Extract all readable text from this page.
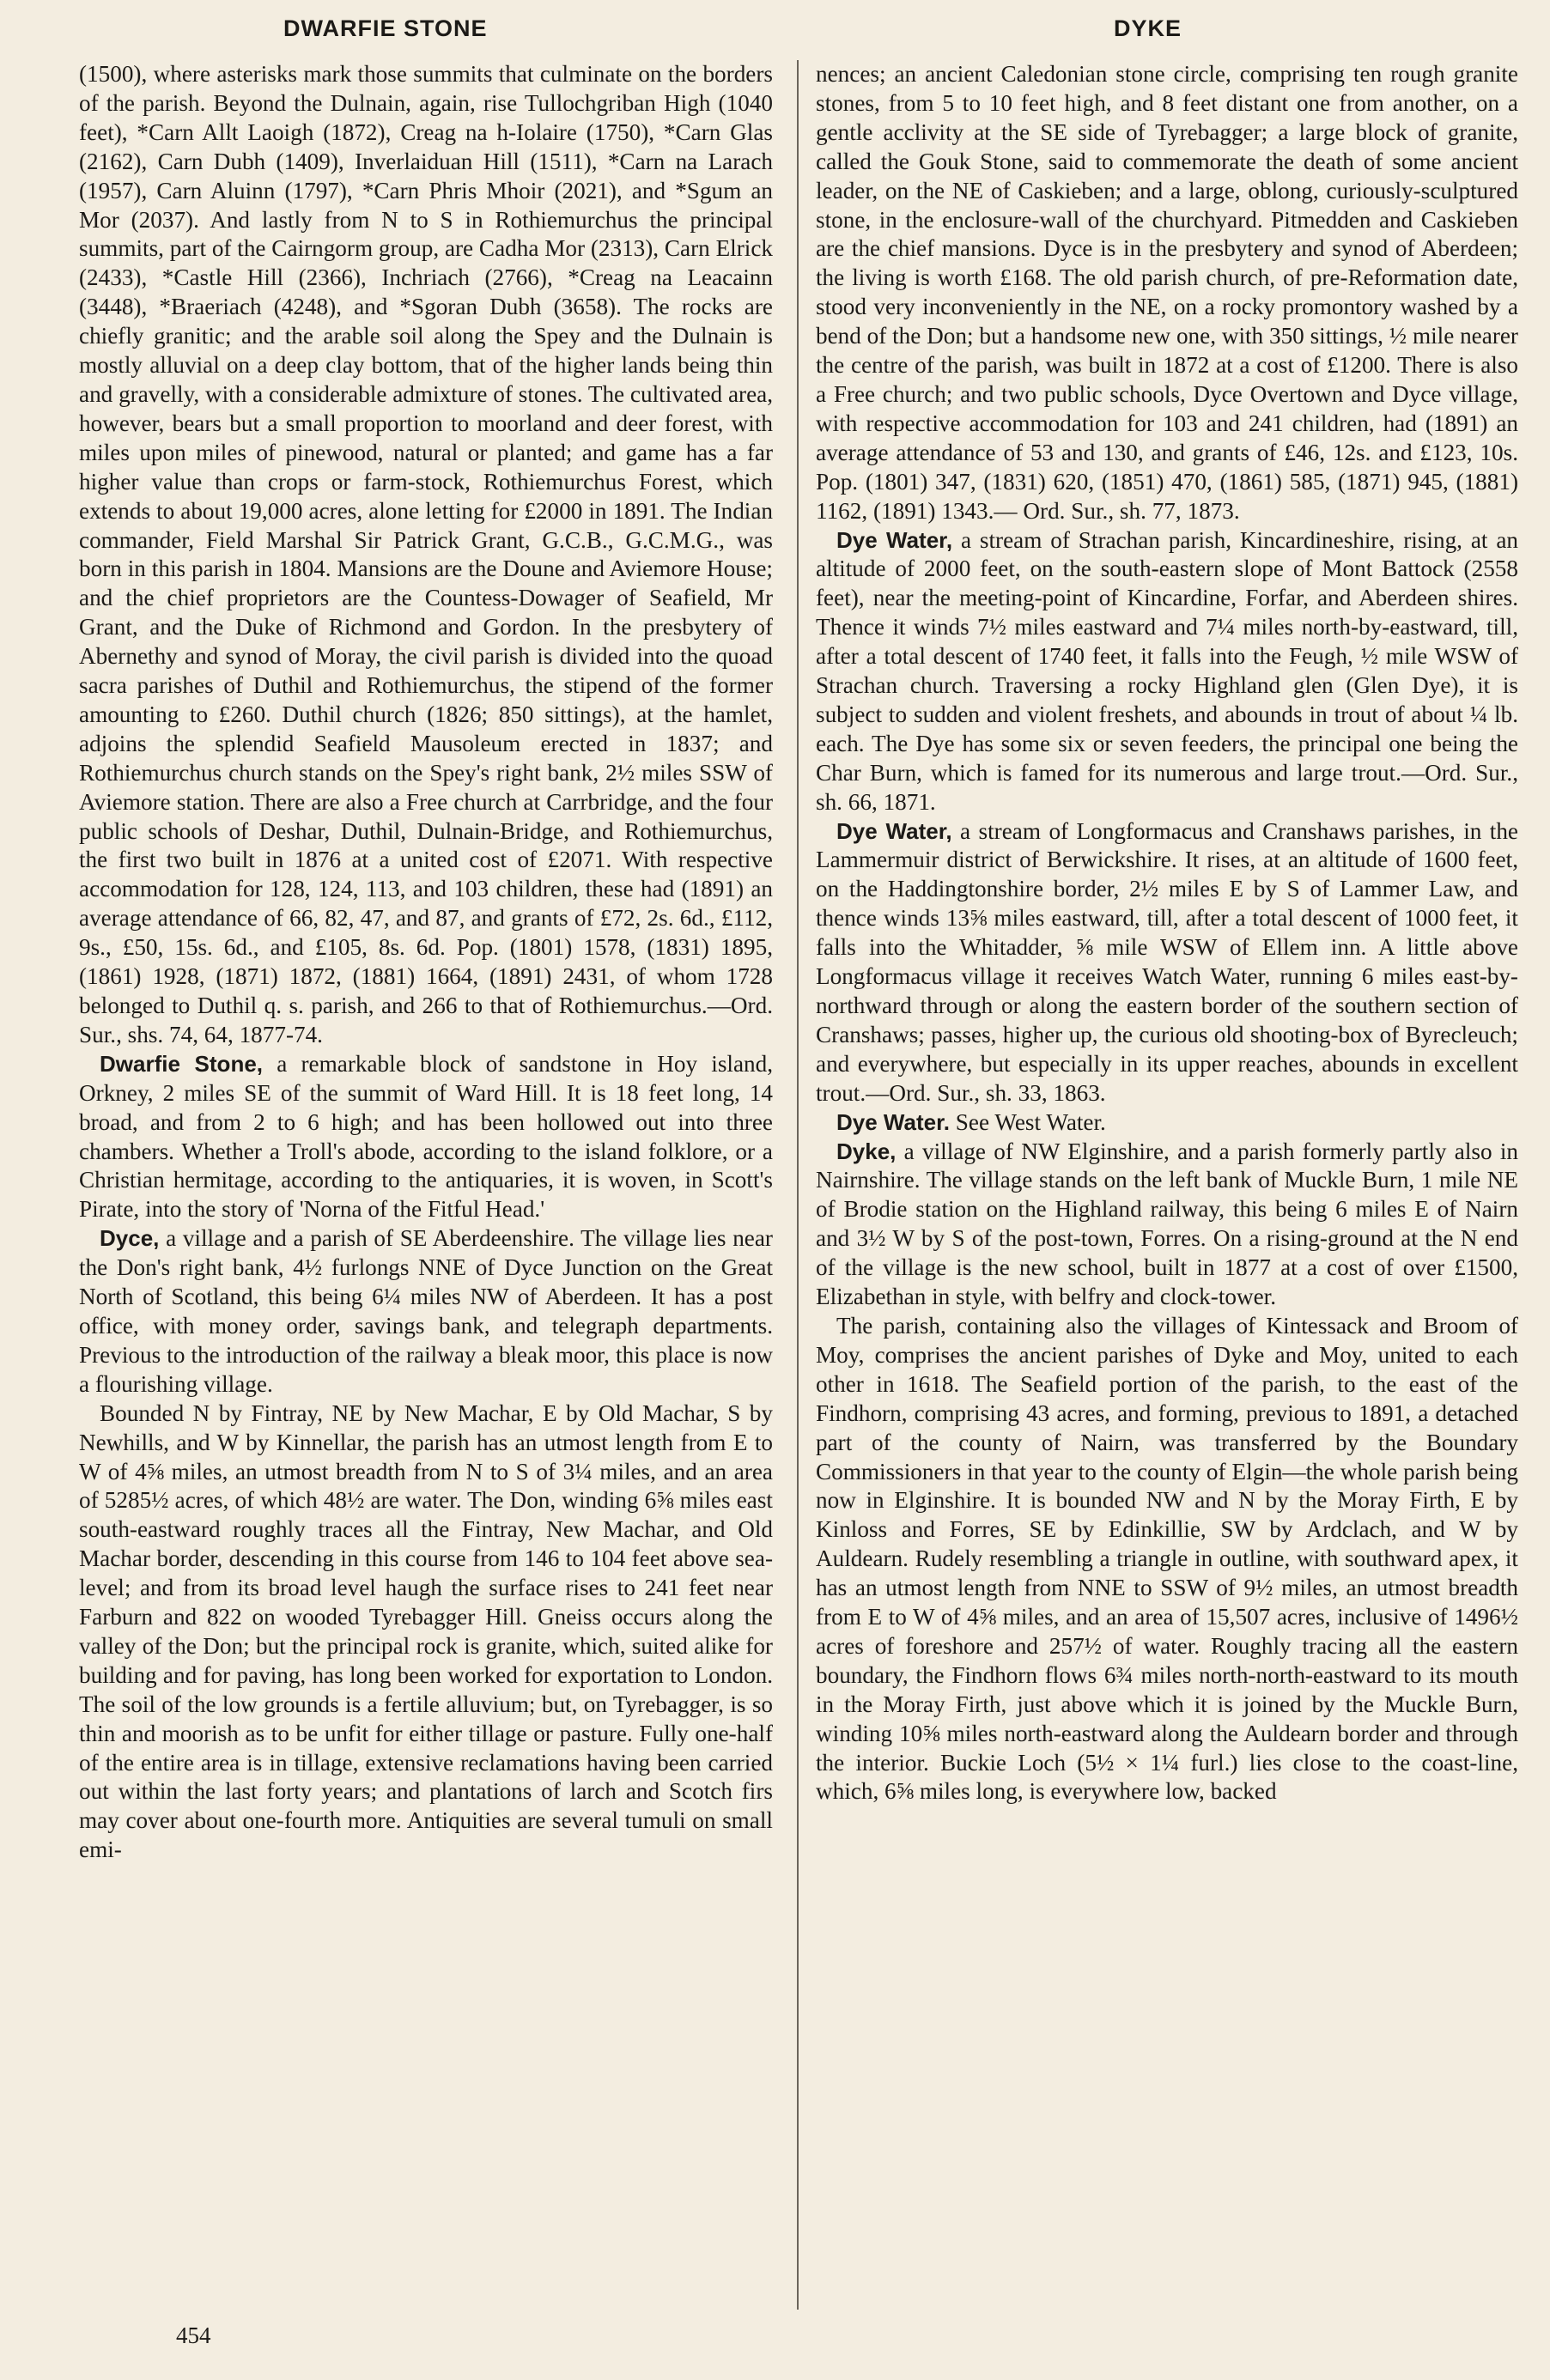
DWARFIE STONE	DYKE

(1500), where asterisks mark those summits that culminate on the borders of the parish. Beyond the Dulnain, again, rise Tullochgriban High (1040 feet), *Carn Allt Laoigh (1872), Creag na h-Iolaire (1750), *Carn Glas (2162), Carn Dubh (1409), Inverlaiduan Hill (1511), *Carn na Larach (1957), Carn Aluinn (1797), *Carn Phris Mhoir (2021), and *Sgum an Mor (2037). And lastly from N to S in Rothiemurchus the principal summits, part of the Cairngorm group, are Cadha Mor (2313), Carn Elrick (2433), *Castle Hill (2366), Inchriach (2766), *Creag na Leacainn (3448), *Braeriach (4248), and *Sgoran Dubh (3658). The rocks are chiefly granitic; and the arable soil along the Spey and the Dulnain is mostly alluvial on a deep clay bottom, that of the higher lands being thin and gravelly, with a considerable admixture of stones. The cultivated area, however, bears but a small proportion to moorland and deer forest, with miles upon miles of pinewood, natural or planted; and game has a far higher value than crops or farm-stock, Rothiemurchus Forest, which extends to about 19,000 acres, alone letting for £2000 in 1891. The Indian commander, Field Marshal Sir Patrick Grant, G.C.B., G.C.M.G., was born in this parish in 1804. Mansions are the Doune and Aviemore House; and the chief proprietors are the Countess-Dowager of Seafield, Mr Grant, and the Duke of Richmond and Gordon. In the presbytery of Abernethy and synod of Moray, the civil parish is divided into the quoad sacra parishes of Duthil and Rothiemurchus, the stipend of the former amounting to £260. Duthil church (1826; 850 sittings), at the hamlet, adjoins the splendid Seafield Mausoleum erected in 1837; and Rothiemurchus church stands on the Spey's right bank, 2½ miles SSW of Aviemore station. There are also a Free church at Carrbridge, and the four public schools of Deshar, Duthil, Dulnain-Bridge, and Rothiemurchus, the first two built in 1876 at a united cost of £2071. With respective accommodation for 128, 124, 113, and 103 children, these had (1891) an average attendance of 66, 82, 47, and 87, and grants of £72, 2s. 6d., £112, 9s., £50, 15s. 6d., and £105, 8s. 6d. Pop. (1801) 1578, (1831) 1895, (1861) 1928, (1871) 1872, (1881) 1664, (1891) 2431, of whom 1728 belonged to Duthil q. s. parish, and 266 to that of Rothiemurchus.—Ord. Sur., shs. 74, 64, 1877-74.

Dwarfie Stone, a remarkable block of sandstone in Hoy island, Orkney, 2 miles SE of the summit of Ward Hill. It is 18 feet long, 14 broad, and from 2 to 6 high; and has been hollowed out into three chambers. Whether a Troll's abode, according to the island folklore, or a Christian hermitage, according to the antiquaries, it is woven, in Scott's Pirate, into the story of 'Norna of the Fitful Head.'

Dyce, a village and a parish of SE Aberdeenshire. The village lies near the Don's right bank, 4½ furlongs NNE of Dyce Junction on the Great North of Scotland, this being 6¼ miles NW of Aberdeen. It has a post office, with money order, savings bank, and telegraph departments. Previous to the introduction of the railway a bleak moor, this place is now a flourishing village.

Bounded N by Fintray, NE by New Machar, E by Old Machar, S by Newhills, and W by Kinnellar, the parish has an utmost length from E to W of 4⅝ miles, an utmost breadth from N to S of 3¼ miles, and an area of 5285½ acres, of which 48½ are water. The Don, winding 6⅝ miles east south-eastward roughly traces all the Fintray, New Machar, and Old Machar border, descending in this course from 146 to 104 feet above sea-level; and from its broad level haugh the surface rises to 241 feet near Farburn and 822 on wooded Tyrebagger Hill. Gneiss occurs along the valley of the Don; but the principal rock is granite, which, suited alike for building and for paving, has long been worked for exportation to London. The soil of the low grounds is a fertile alluvium; but, on Tyrebagger, is so thin and moorish as to be unfit for either tillage or pasture. Fully one-half of the entire area is in tillage, extensive reclamations having been carried out within the last forty years; and plantations of larch and Scotch firs may cover about one-fourth more. Antiquities are several tumuli on small emi-

nences; an ancient Caledonian stone circle, comprising ten rough granite stones, from 5 to 10 feet high, and 8 feet distant one from another, on a gentle acclivity at the SE side of Tyrebagger; a large block of granite, called the Gouk Stone, said to commemorate the death of some ancient leader, on the NE of Caskieben; and a large, oblong, curiously-sculptured stone, in the enclosure-wall of the churchyard. Pitmedden and Caskieben are the chief mansions. Dyce is in the presbytery and synod of Aberdeen; the living is worth £168. The old parish church, of pre-Reformation date, stood very inconveniently in the NE, on a rocky promontory washed by a bend of the Don; but a handsome new one, with 350 sittings, ½ mile nearer the centre of the parish, was built in 1872 at a cost of £1200. There is also a Free church; and two public schools, Dyce Overtown and Dyce village, with respective accommodation for 103 and 241 children, had (1891) an average attendance of 53 and 130, and grants of £46, 12s. and £123, 10s. Pop. (1801) 347, (1831) 620, (1851) 470, (1861) 585, (1871) 945, (1881) 1162, (1891) 1343.— Ord. Sur., sh. 77, 1873.

Dye Water, a stream of Strachan parish, Kincardineshire, rising, at an altitude of 2000 feet, on the south-eastern slope of Mont Battock (2558 feet), near the meeting-point of Kincardine, Forfar, and Aberdeen shires. Thence it winds 7½ miles eastward and 7¼ miles north-by-eastward, till, after a total descent of 1740 feet, it falls into the Feugh, ½ mile WSW of Strachan church. Traversing a rocky Highland glen (Glen Dye), it is subject to sudden and violent freshets, and abounds in trout of about ¼ lb. each. The Dye has some six or seven feeders, the principal one being the Char Burn, which is famed for its numerous and large trout.—Ord. Sur., sh. 66, 1871.

Dye Water, a stream of Longformacus and Cranshaws parishes, in the Lammermuir district of Berwickshire. It rises, at an altitude of 1600 feet, on the Haddingtonshire border, 2½ miles E by S of Lammer Law, and thence winds 13⅝ miles eastward, till, after a total descent of 1000 feet, it falls into the Whitadder, ⅝ mile WSW of Ellem inn. A little above Longformacus village it receives Watch Water, running 6 miles east-by-northward through or along the eastern border of the southern section of Cranshaws; passes, higher up, the curious old shooting-box of Byrecleuch; and everywhere, but especially in its upper reaches, abounds in excellent trout.—Ord. Sur., sh. 33, 1863.

Dye Water. See West Water.

Dyke, a village of NW Elginshire, and a parish formerly partly also in Nairnshire. The village stands on the left bank of Muckle Burn, 1 mile NE of Brodie station on the Highland railway, this being 6 miles E of Nairn and 3½ W by S of the post-town, Forres. On a rising-ground at the N end of the village is the new school, built in 1877 at a cost of over £1500, Elizabethan in style, with belfry and clock-tower.

The parish, containing also the villages of Kintessack and Broom of Moy, comprises the ancient parishes of Dyke and Moy, united to each other in 1618. The Seafield portion of the parish, to the east of the Findhorn, comprising 43 acres, and forming, previous to 1891, a detached part of the county of Nairn, was transferred by the Boundary Commissioners in that year to the county of Elgin—the whole parish being now in Elginshire. It is bounded NW and N by the Moray Firth, E by Kinloss and Forres, SE by Edinkillie, SW by Ardclach, and W by Auldearn. Rudely resembling a triangle in outline, with southward apex, it has an utmost length from NNE to SSW of 9½ miles, an utmost breadth from E to W of 4⅝ miles, and an area of 15,507 acres, inclusive of 1496½ acres of foreshore and 257½ of water. Roughly tracing all the eastern boundary, the Findhorn flows 6¾ miles north-north-eastward to its mouth in the Moray Firth, just above which it is joined by the Muckle Burn, winding 10⅝ miles north-eastward along the Auldearn border and through the interior. Buckie Loch (5½ × 1¼ furl.) lies close to the coast-line, which, 6⅝ miles long, is everywhere low, backed

454
